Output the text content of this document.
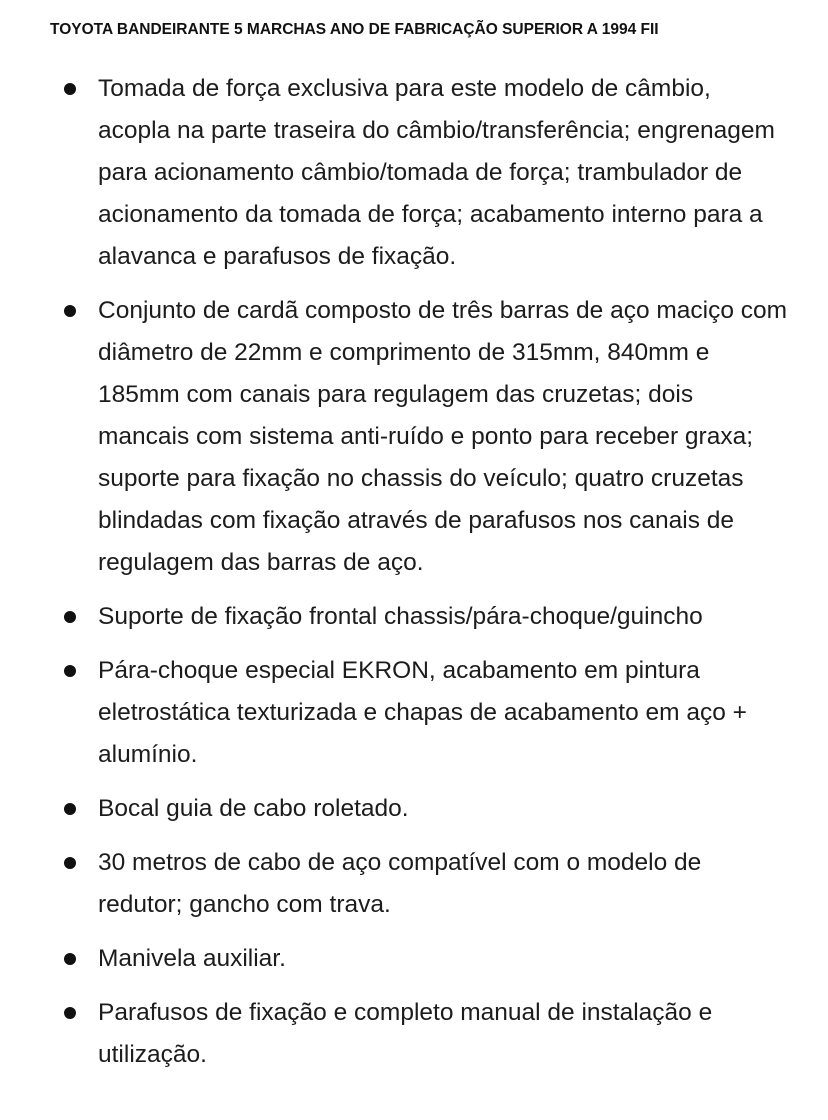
TOYOTA BANDEIRANTE 5 MARCHAS ANO DE FABRICAÇÃO SUPERIOR A 1994 FII
Tomada de força exclusiva para este modelo de câmbio, acopla na parte traseira do câmbio/transferência; engrenagem para acionamento câmbio/tomada de força; trambulador de acionamento da tomada de força; acabamento interno para a alavanca e parafusos de fixação.
Conjunto de cardã composto de três barras de aço maciço com diâmetro de 22mm e comprimento de 315mm, 840mm e 185mm com canais para regulagem das cruzetas; dois mancais com sistema anti-ruído e ponto para receber graxa; suporte para fixação no chassis do veículo; quatro cruzetas blindadas com fixação através de parafusos nos canais de regulagem das barras de aço.
Suporte de fixação frontal chassis/pára-choque/guincho
Pára-choque especial EKRON, acabamento em pintura eletrostática texturizada e chapas de acabamento em aço + alumínio.
Bocal guia de cabo roletado.
30 metros de cabo de aço compatível com o modelo de redutor; gancho com trava.
Manivela auxiliar.
Parafusos de fixação e completo manual de instalação e utilização.
